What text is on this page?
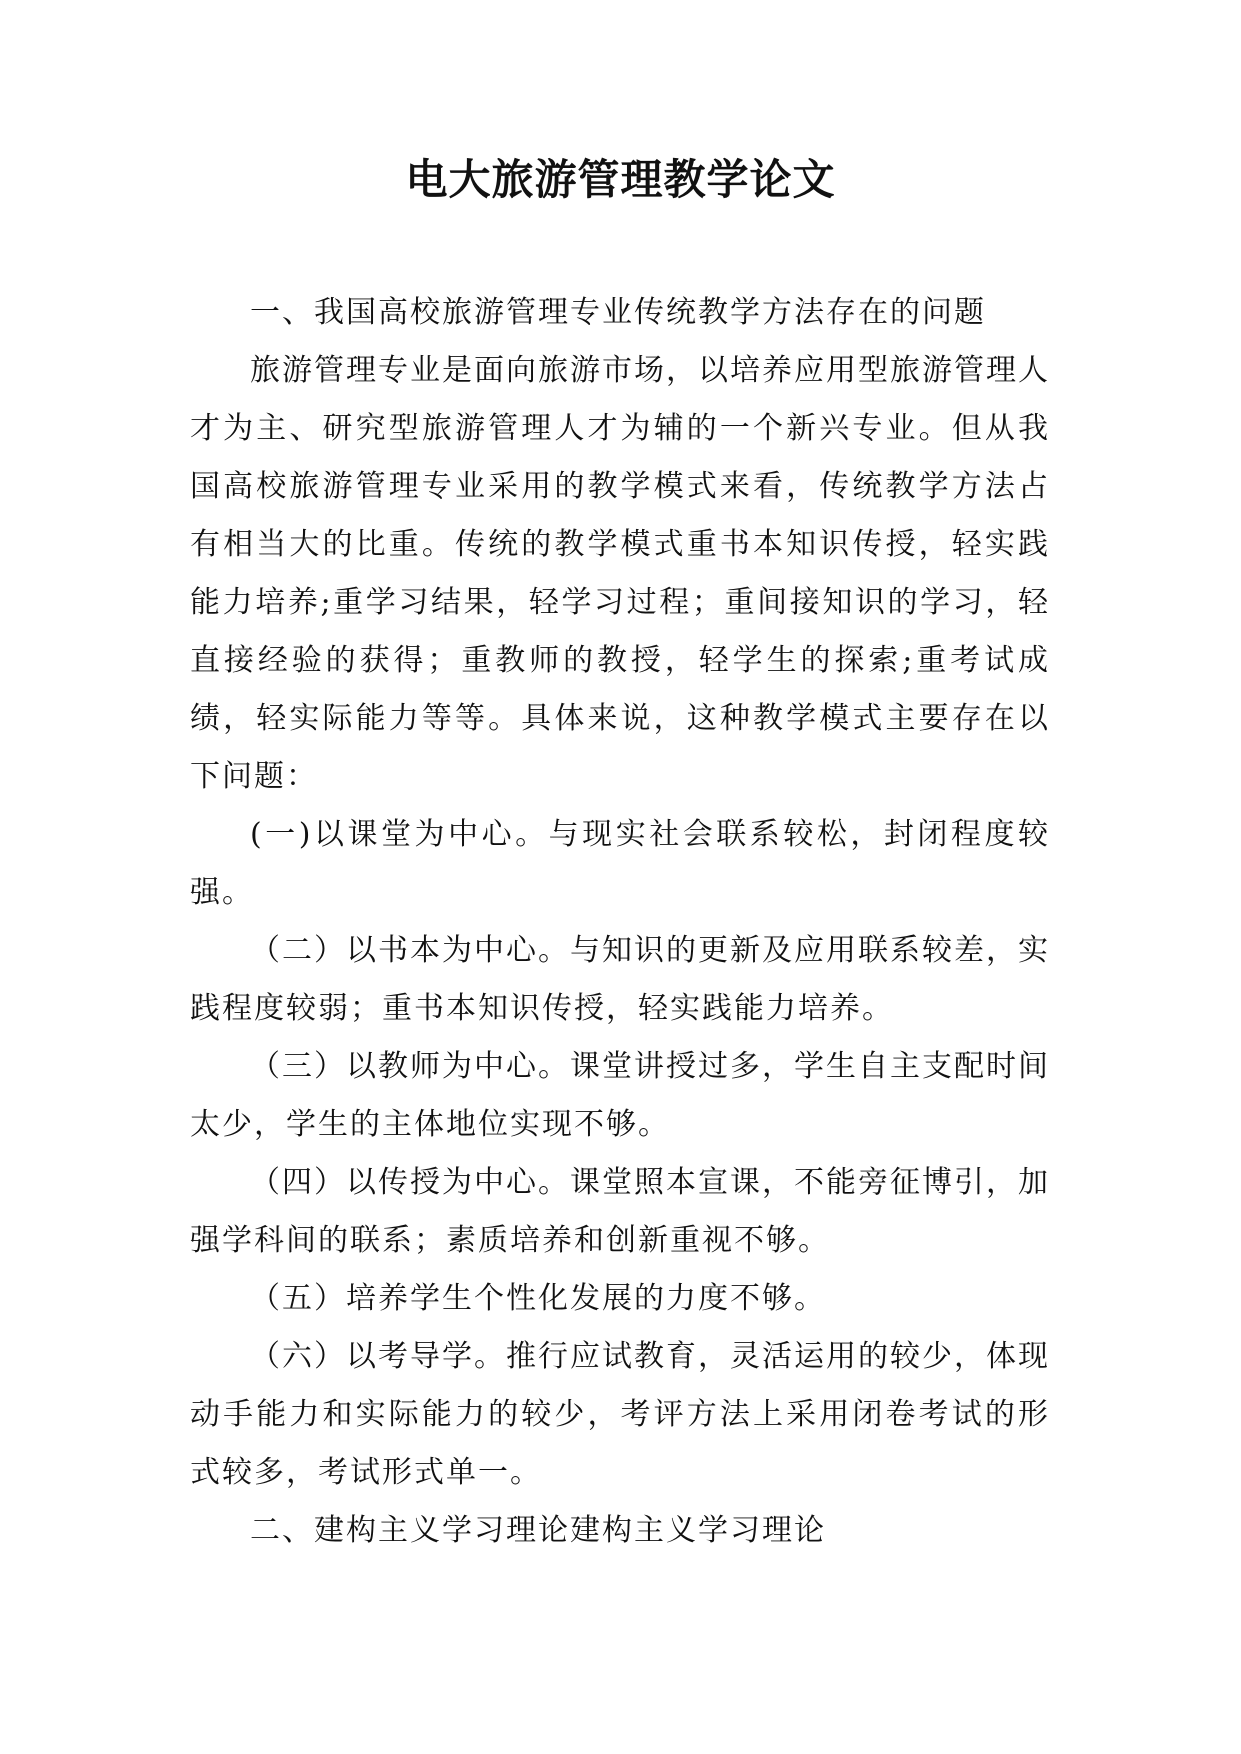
电大旅游管理教学论文

一、我国高校旅游管理专业传统教学方法存在的问题

旅游管理专业是面向旅游市场，以培养应用型旅游管理人才为主、研究型旅游管理人才为辅的一个新兴专业。但从我国高校旅游管理专业采用的教学模式来看，传统教学方法占有相当大的比重。传统的教学模式重书本知识传授，轻实践能力培养;重学习结果，轻学习过程；重间接知识的学习，轻直接经验的获得；重教师的教授，轻学生的探索;重考试成绩，轻实际能力等等。具体来说，这种教学模式主要存在以下问题：

(一)以课堂为中心。与现实社会联系较松，封闭程度较强。

（二）以书本为中心。与知识的更新及应用联系较差，实践程度较弱；重书本知识传授，轻实践能力培养。

（三）以教师为中心。课堂讲授过多，学生自主支配时间太少，学生的主体地位实现不够。

（四）以传授为中心。课堂照本宣课，不能旁征博引，加强学科间的联系；素质培养和创新重视不够。

（五）培养学生个性化发展的力度不够。

（六）以考导学。推行应试教育，灵活运用的较少，体现动手能力和实际能力的较少，考评方法上采用闭卷考试的形式较多，考试形式单一。

二、建构主义学习理论建构主义学习理论
